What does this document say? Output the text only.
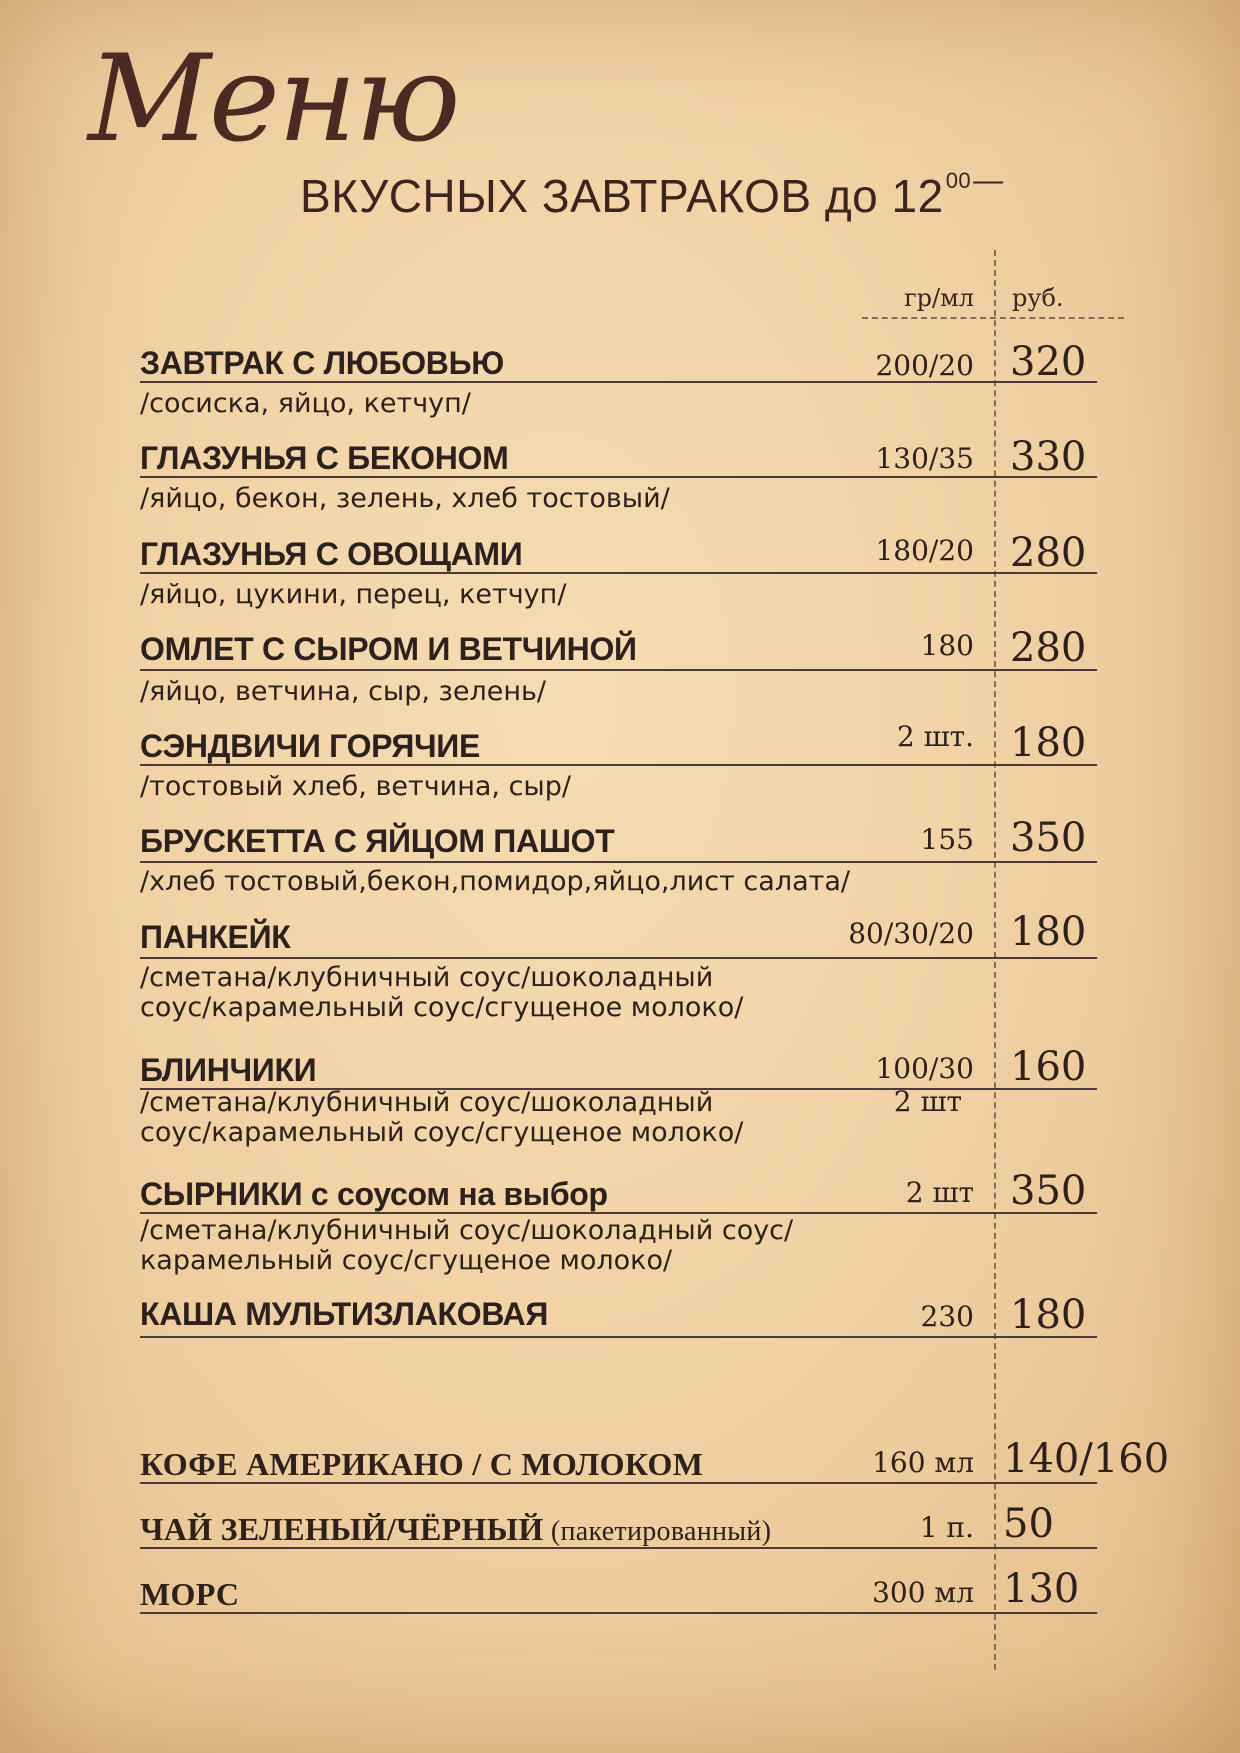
Меню
ВКУСНЫХ ЗАВТРАКОВ до $12^{00—}$
гр/мл руб.
ЗАВТРАК С ЛЮБОВЬЮ	200/20 320
/сосиска, яйцо, кетчуп/
ГЛАЗУНЬЯ С БЕКОНОМ	130/35 330
/яйцо, бекон, зелень, хлеб тостовый/
ГЛАЗУНЬЯ С ОВОЩАМИ	180/20 280
/яйцо, цукини, перец, кетчуп/
ОМЛЕТ С СЫРОМ И ВЕТЧИНОЙ	180 280
/яйцо, ветчина, сыр, зелень/
СЭНДВИЧИ ГОРЯЧИЕ	2 шт. 180
/тостовый хлеб, ветчина, сыр/
БРУСКЕТТА С ЯЙЦОМ ПАШОТ	155 350
/хлеб тостовый,бекон,помидор,яйцо,лист салата/
ПАНКЕЙК	80/30/20 180
/сметана/клубничный соус/шоколадный
соус/карамельный соус/сгущеное молоко/
БЛИНЧИКИ	100/30 160
/сметана/клубничный соус/шоколадный	2 шт
соус/карамельный соус/сгущеное молоко/
СЫРНИКИ с соусом на выбор	2 шт 350
/сметана/клубничный соус/шоколадный соус/
карамельный соус/сгущеное молоко/
КАША МУЛЬТИЗЛАКОВАЯ	230 180
КОФЕ АМЕРИКАНО / С МОЛОКОМ	160 мл 140/160
ЧАЙ ЗЕЛЕНЫЙ/ЧЁРНЫЙ (пакетированный)	1 п. 50
МОРС	300 мл 130
